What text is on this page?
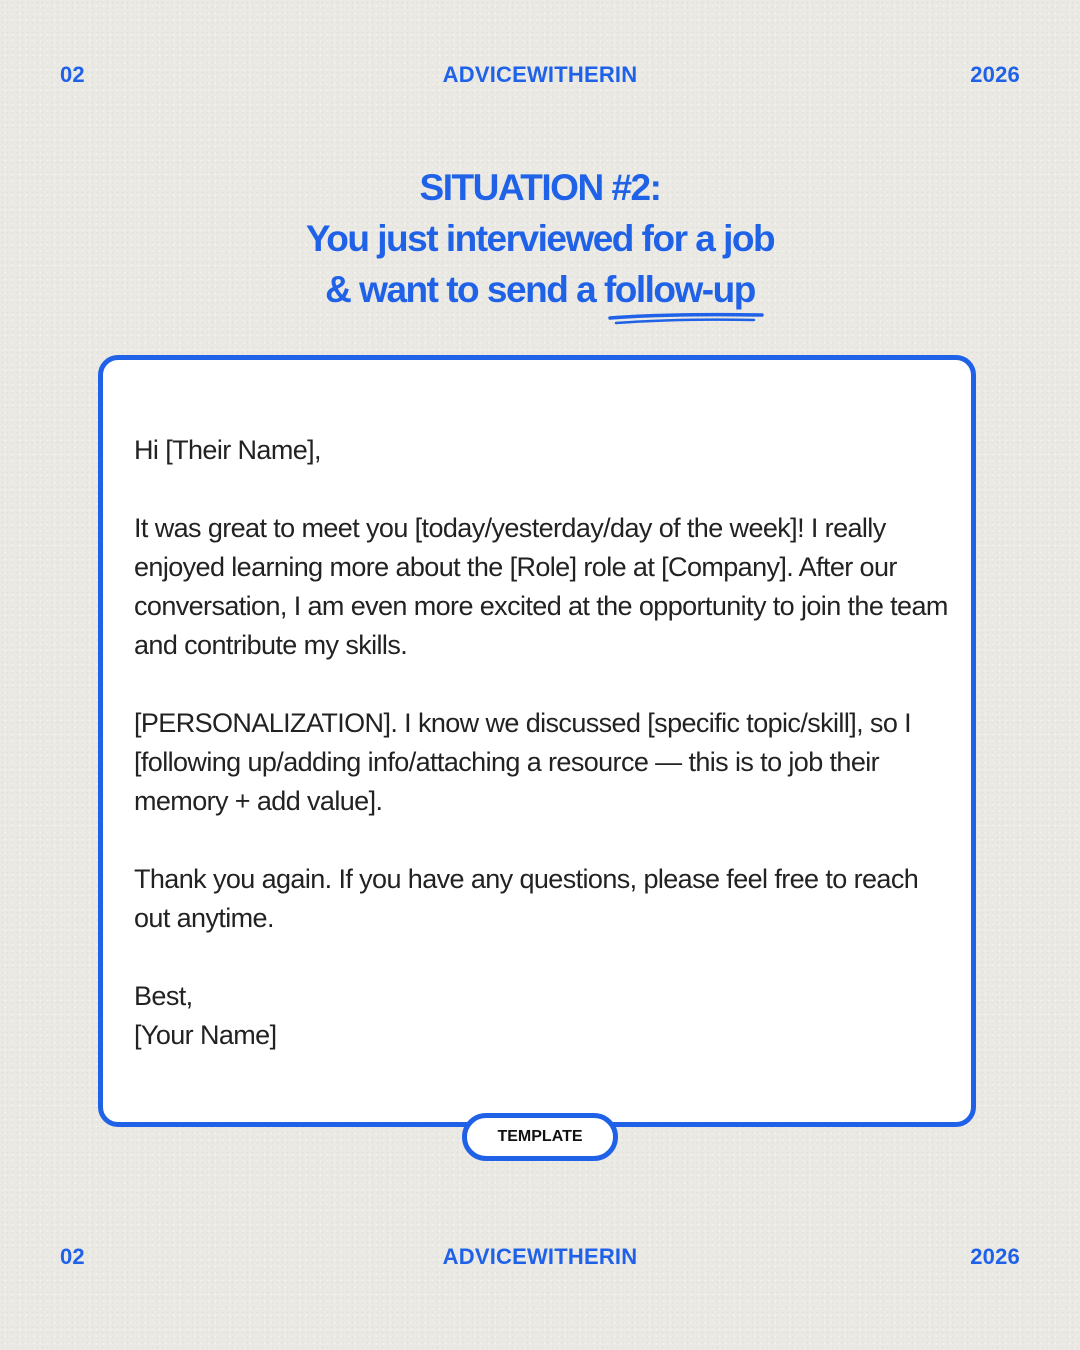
02	ADVICEWITHERIN	2026
SITUATION #2:
You just interviewed for a job
& want to send a follow-up

Hi [Their Name],

It was great to meet you [today/yesterday/day of the week]! I really enjoyed learning more about the [Role] role at [Company]. After our conversation, I am even more excited at the opportunity to join the team and contribute my skills.

[PERSONALIZATION]. I know we discussed [specific topic/skill], so I [following up/adding info/attaching a resource — this is to job their memory + add value].

Thank you again. If you have any questions, please feel free to reach out anytime.

Best,
[Your Name]

TEMPLATE
02	ADVICEWITHERIN	2026
